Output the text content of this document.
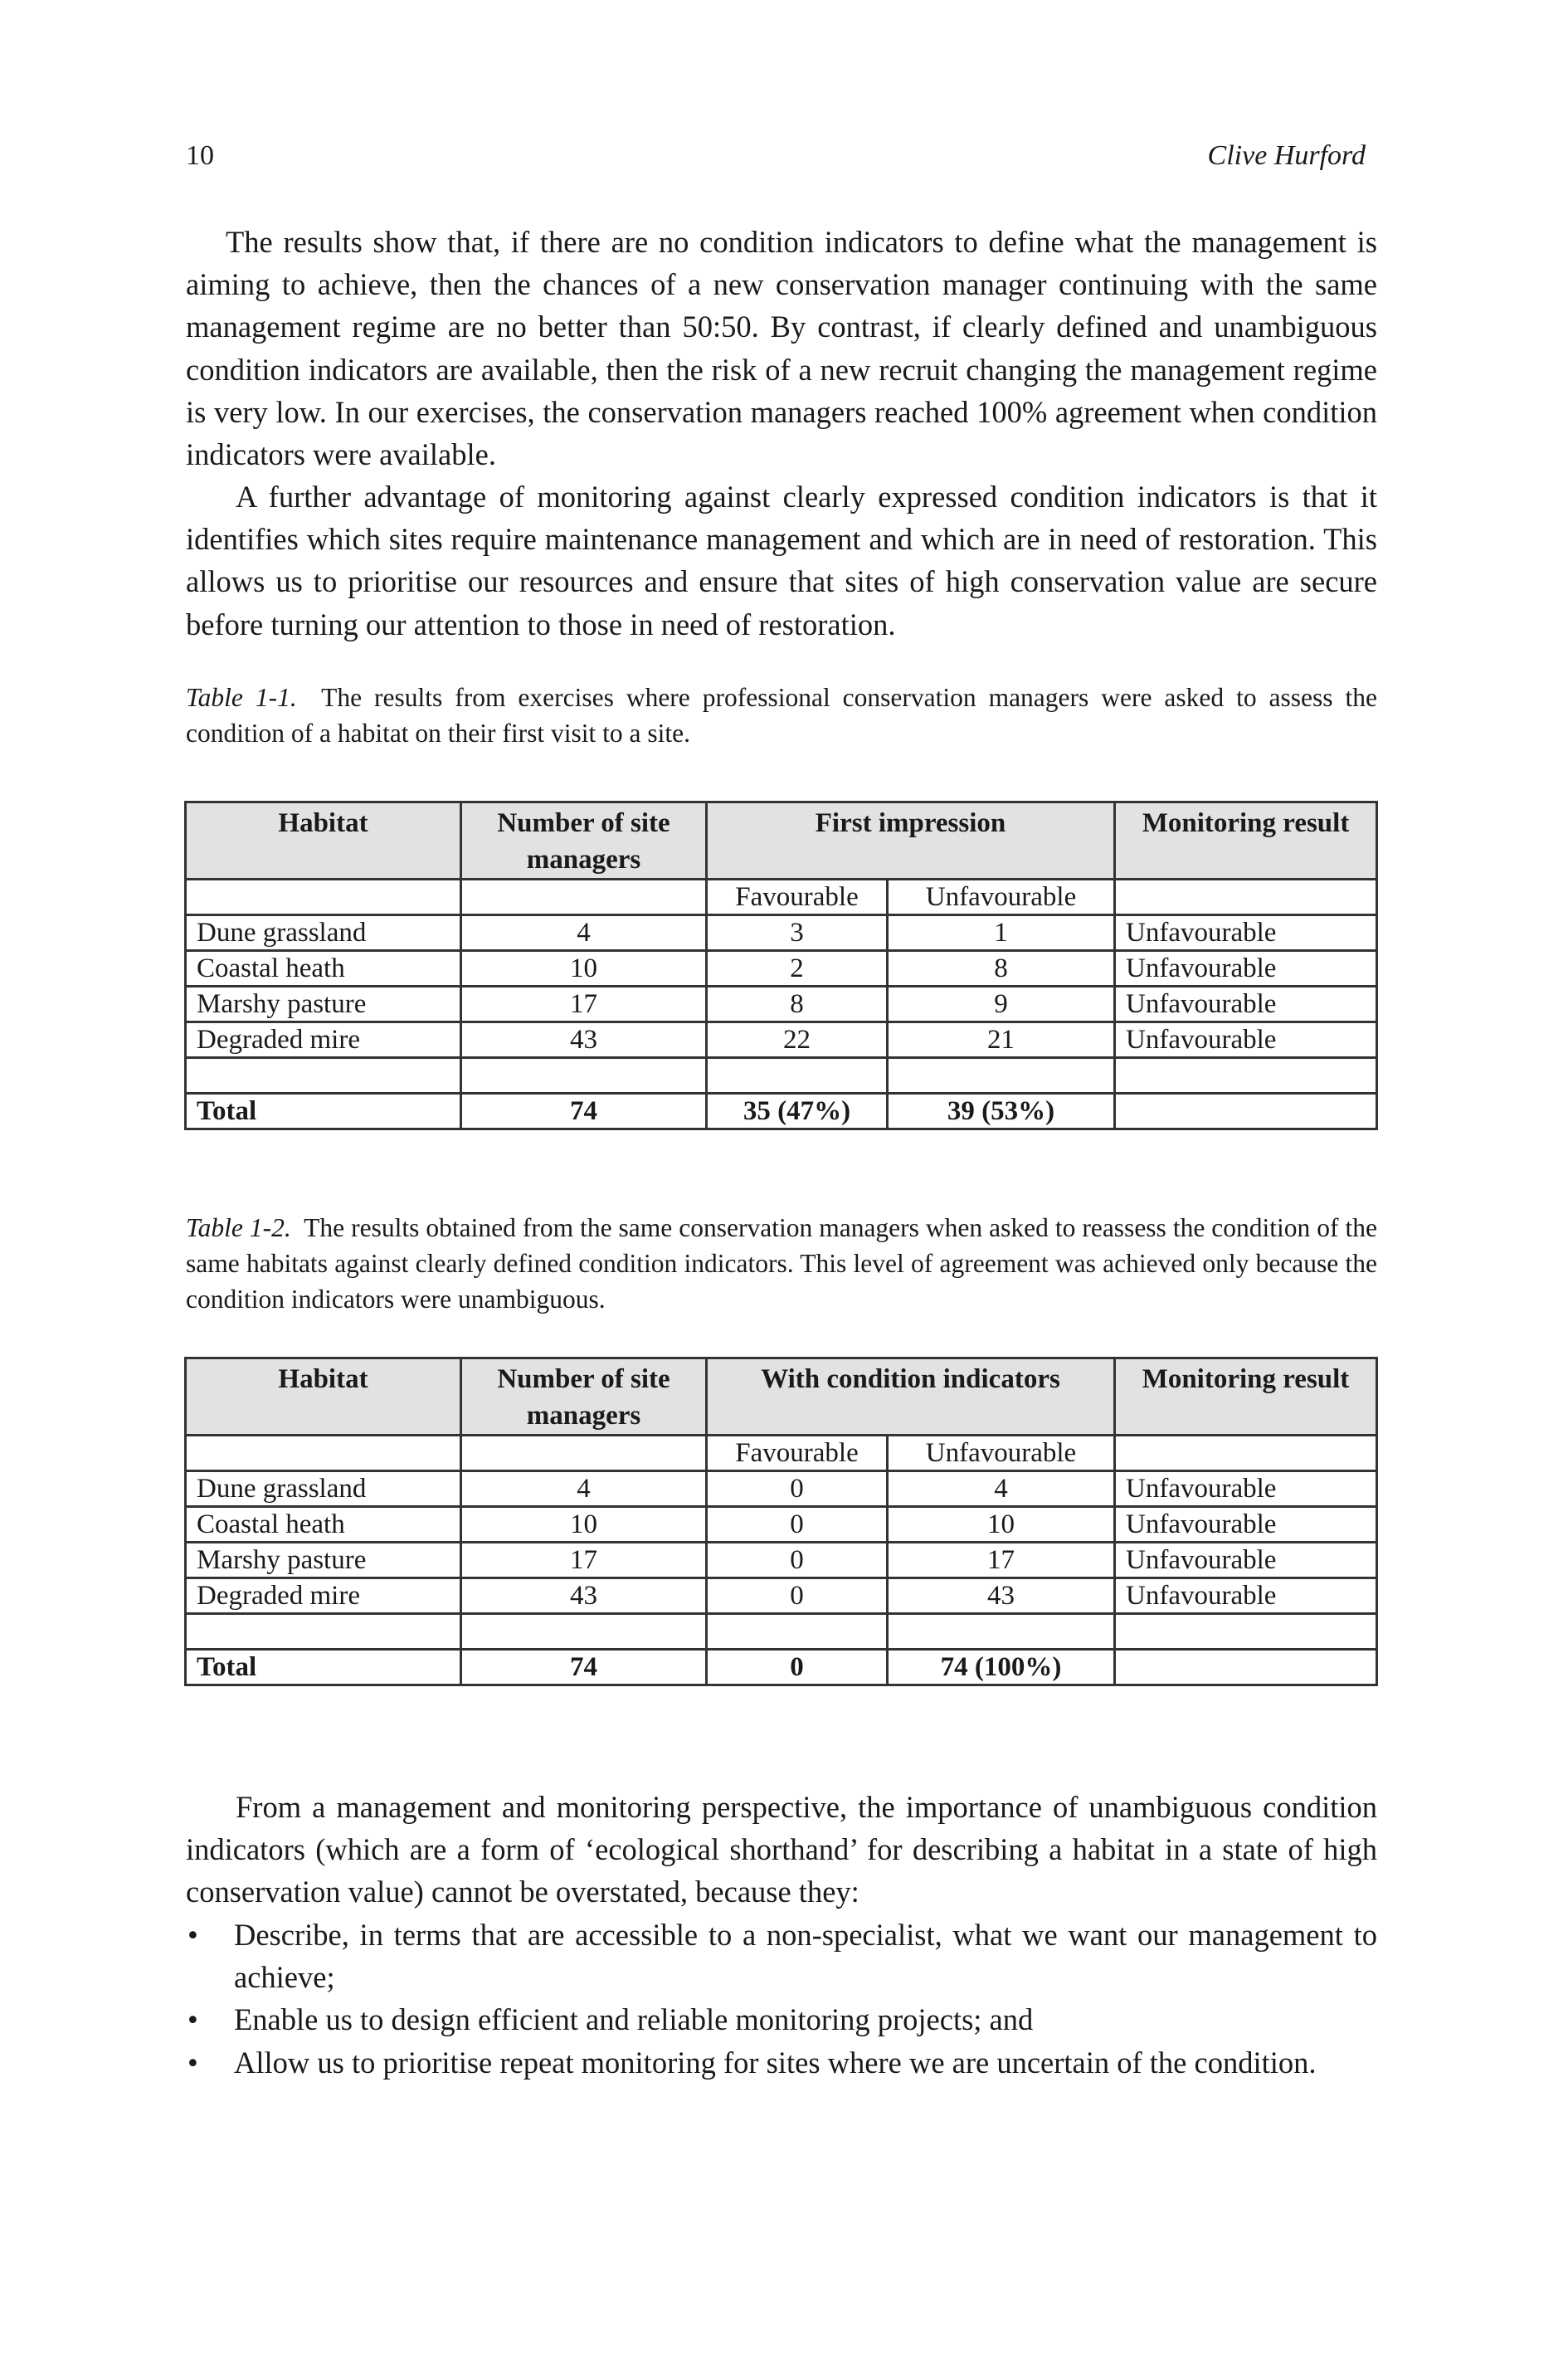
10	Clive Hurford

The results show that, if there are no condition indicators to define what the management is aiming to achieve, then the chances of a new conservation manager continuing with the same management regime are no better than 50:50. By contrast, if clearly defined and unambiguous condition indicators are available, then the risk of a new recruit changing the management regime is very low. In our exercises, the conservation managers reached 100% agreement when condition indicators were available.

A further advantage of monitoring against clearly expressed condition indicators is that it identifies which sites require maintenance management and which are in need of restoration. This allows us to prioritise our resources and ensure that sites of high conservation value are secure before turning our attention to those in need of restoration.

Table 1-1. The results from exercises where professional conservation managers were asked to assess the condition of a habitat on their first visit to a site.

Habitat	Number of site managers	First impression		Monitoring result
		Favourable	Unfavourable	
Dune grassland	4	3	1	Unfavourable
Coastal heath	10	2	8	Unfavourable
Marshy pasture	17	8	9	Unfavourable
Degraded mire	43	22	21	Unfavourable

Total	74	35 (47%)	39 (53%)	

Table 1-2. The results obtained from the same conservation managers when asked to reassess the condition of the same habitats against clearly defined condition indicators. This level of agreement was achieved only because the condition indicators were unambiguous.

Habitat	Number of site managers	With condition indicators		Monitoring result
		Favourable	Unfavourable	
Dune grassland	4	0	4	Unfavourable
Coastal heath	10	0	10	Unfavourable
Marshy pasture	17	0	17	Unfavourable
Degraded mire	43	0	43	Unfavourable

Total	74	0	74 (100%)	

From a management and monitoring perspective, the importance of unambiguous condition indicators (which are a form of ‘ecological shorthand’ for describing a habitat in a state of high conservation value) cannot be overstated, because they:

• Describe, in terms that are accessible to a non-specialist, what we want our management to achieve;
• Enable us to design efficient and reliable monitoring projects; and
• Allow us to prioritise repeat monitoring for sites where we are uncertain of the condition.
